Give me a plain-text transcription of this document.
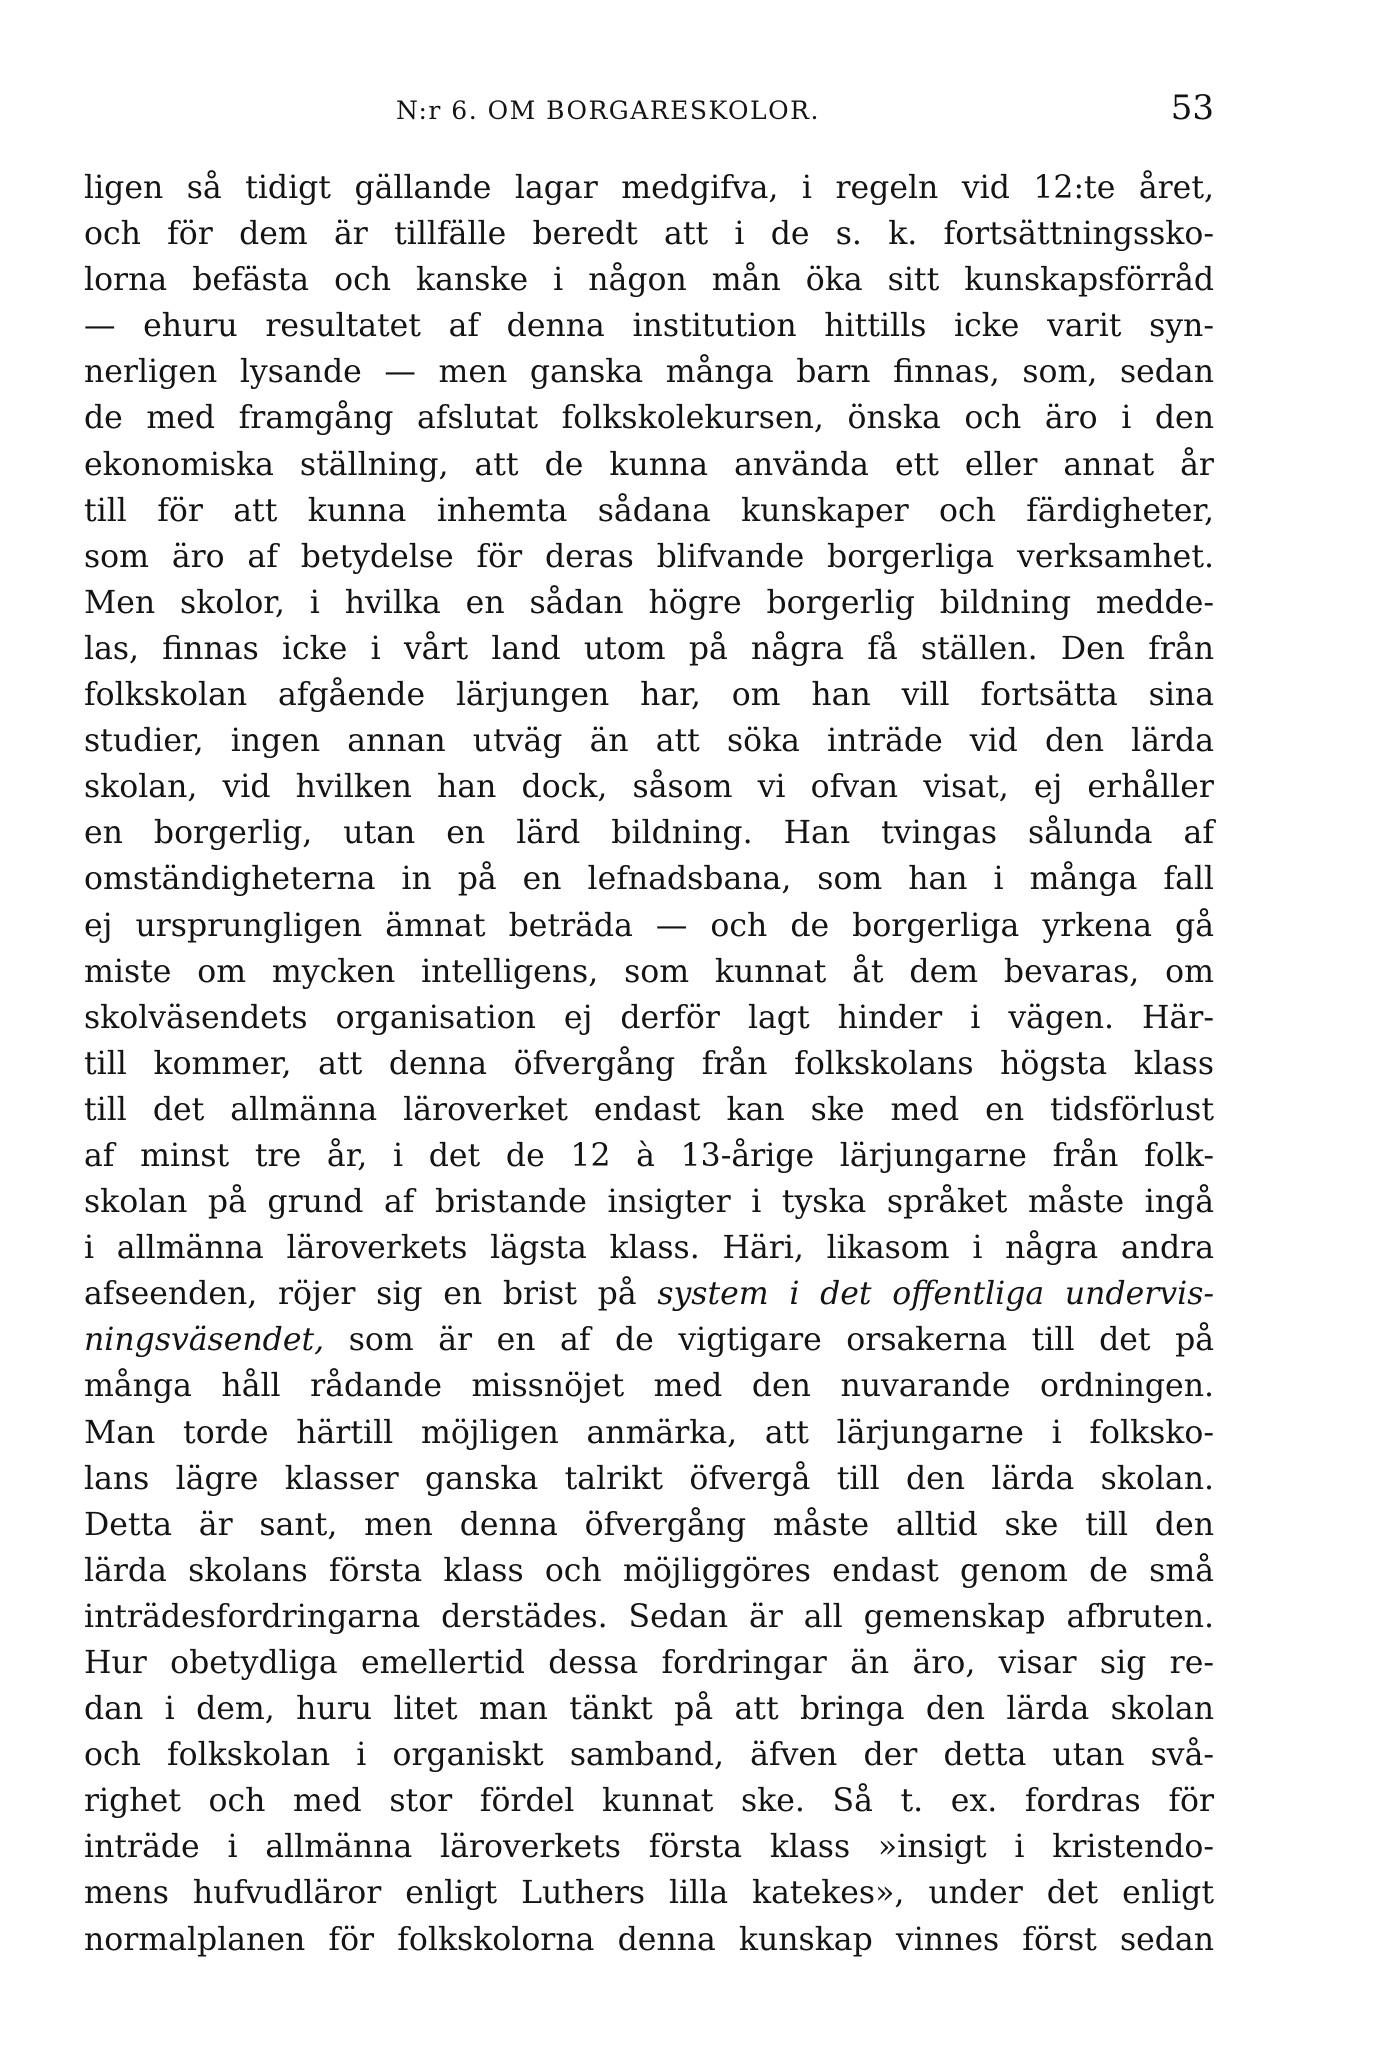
N:r 6. OM BORGARESKOLOR.	53
ligen så tidigt gällande lagar medgifva, i regeln vid 12:te året,
och för dem är tillfälle beredt att i de s. k. fortsättningssko-
lorna befästa och kanske i någon mån öka sitt kunskapsförråd
— ehuru resultatet af denna institution hittills icke varit syn-
nerligen lysande — men ganska många barn finnas, som, sedan
de med framgång afslutat folkskolekursen, önska och äro i den
ekonomiska ställning, att de kunna använda ett eller annat år
till för att kunna inhemta sådana kunskaper och färdigheter,
som äro af betydelse för deras blifvande borgerliga verksamhet.
Men skolor, i hvilka en sådan högre borgerlig bildning medde-
las, finnas icke i vårt land utom på några få ställen. Den från
folkskolan afgående lärjungen har, om han vill fortsätta sina
studier, ingen annan utväg än att söka inträde vid den lärda
skolan, vid hvilken han dock, såsom vi ofvan visat, ej erhåller
en borgerlig, utan en lärd bildning. Han tvingas sålunda af
omständigheterna in på en lefnadsbana, som han i många fall
ej ursprungligen ämnat beträda — och de borgerliga yrkena gå
miste om mycken intelligens, som kunnat åt dem bevaras, om
skolväsendets organisation ej derför lagt hinder i vägen. Här-
till kommer, att denna öfvergång från folkskolans högsta klass
till det allmänna läroverket endast kan ske med en tidsförlust
af minst tre år, i det de 12 à 13-årige lärjungarne från folk-
skolan på grund af bristande insigter i tyska språket måste ingå
i allmänna läroverkets lägsta klass. Häri, likasom i några andra
afseenden, röjer sig en brist på system i det offentliga undervis-
ningsväsendet, som är en af de vigtigare orsakerna till det på
många håll rådande missnöjet med den nuvarande ordningen.
Man torde härtill möjligen anmärka, att lärjungarne i folksko-
lans lägre klasser ganska talrikt öfvergå till den lärda skolan.
Detta är sant, men denna öfvergång måste alltid ske till den
lärda skolans första klass och möjliggöres endast genom de små
inträdesfordringarna derstädes. Sedan är all gemenskap afbruten.
Hur obetydliga emellertid dessa fordringar än äro, visar sig re-
dan i dem, huru litet man tänkt på att bringa den lärda skolan
och folkskolan i organiskt samband, äfven der detta utan svå-
righet och med stor fördel kunnat ske. Så t. ex. fordras för
inträde i allmänna läroverkets första klass »insigt i kristendo-
mens hufvudläror enligt Luthers lilla katekes», under det enligt
normalplanen för folkskolorna denna kunskap vinnes först sedan
